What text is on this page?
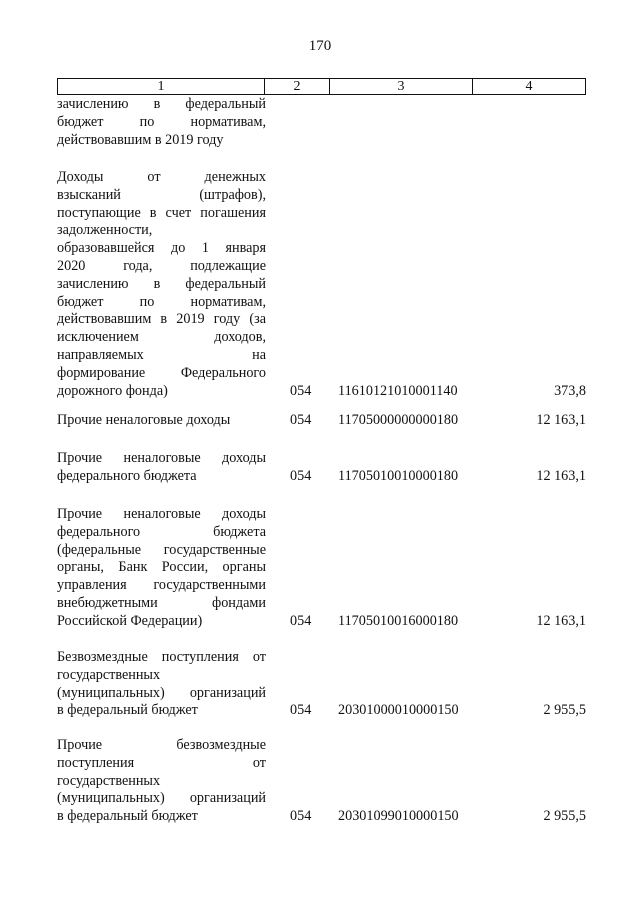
170
1	2	3	4
зачислению в федеральный
бюджет по нормативам,
действовавшим в 2019 году
Доходы от денежных
взысканий (штрафов),
поступающие в счет погашения
задолженности,
образовавшейся до 1 января
2020 года, подлежащие
зачислению в федеральный
бюджет по нормативам,
действовавшим в 2019 году (за
исключением доходов,
направляемых на
формирование Федерального
дорожного фонда)	054 11610121010001140	373,8
Прочие неналоговые доходы	054 11705000000000180	12 163,1
Прочие неналоговые доходы
федерального бюджета	054 11705010010000180	12 163,1
Прочие неналоговые доходы
федерального бюджета
(федеральные государственные
органы, Банк России, органы
управления государственными
внебюджетными фондами
Российской Федерации)	054 11705010016000180	12 163,1
Безвозмездные поступления от
государственных
(муниципальных) организаций
в федеральный бюджет	054 20301000010000150	2 955,5
Прочие безвозмездные
поступления от
государственных
(муниципальных) организаций
в федеральный бюджет	054 20301099010000150	2 955,5
